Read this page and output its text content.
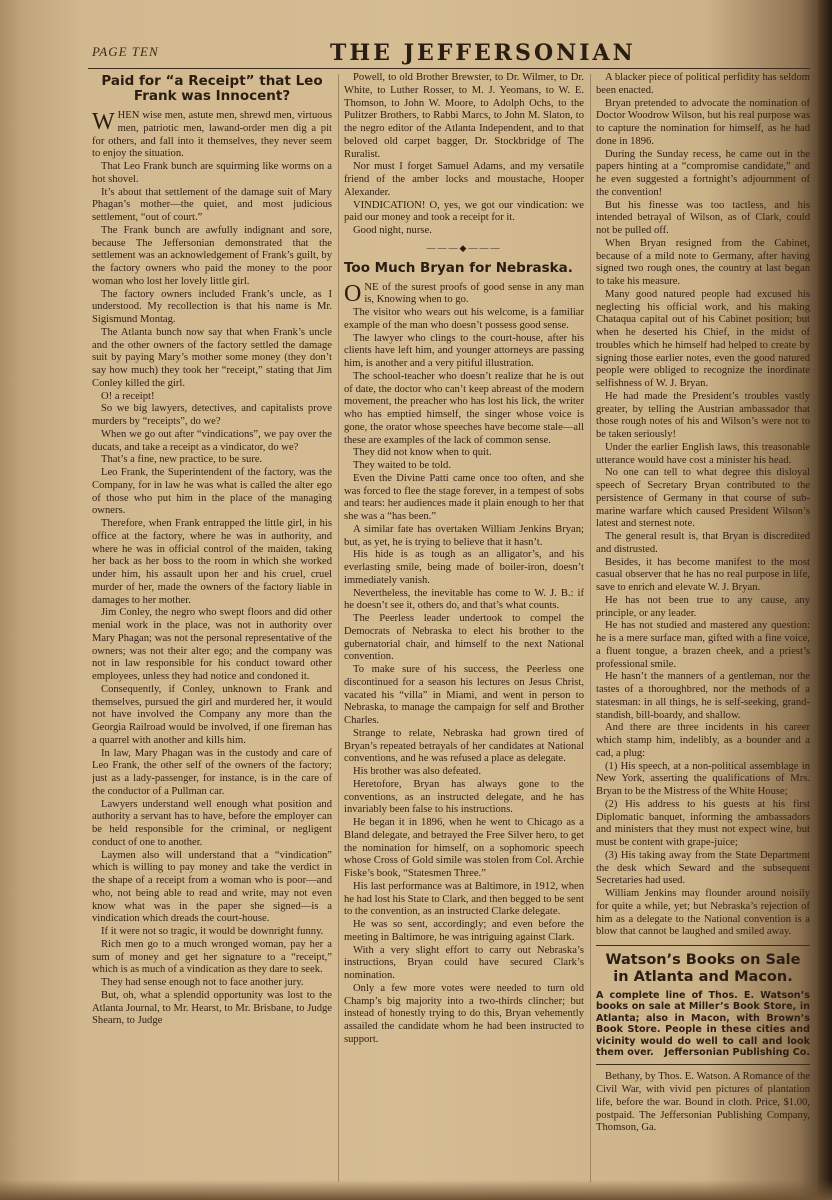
PAGE TEN	THE JEFFERSONIAN
Paid for “a Receipt” that Leo Frank was Innocent?

WHEN wise men, astute men, shrewd men, virtuous men, patriotic men, lawand-order men dig a pit for others, and fall into it themselves, they never seem to enjoy the situation.

That Leo Frank bunch are squirming like worms on a hot shovel.

It’s about that settlement of the damage suit of Mary Phagan’s mother—the quiet, and most judicious settlement, “out of court.”

The Frank bunch are awfully indignant and sore, because The Jeffersonian demonstrated that the settlement was an acknowledgement of Frank’s guilt, by the factory owners who paid the money to the poor woman who lost her lovely little girl.

The factory owners included Frank’s uncle, as I understood. My recollection is that his name is Mr. Sigismund Montag.

The Atlanta bunch now say that when Frank’s uncle and the other owners of the factory settled the damage suit by paying Mary’s mother some money (they don’t say how much) they took her “receipt,” stating that Jim Conley killed the girl.

O! a receipt!

So we big lawyers, detectives, and capitalists prove murders by “receipts”, do we?

When we go out after “vindications”, we pay over the ducats, and take a receipt as a vindicator, do we?

That’s a fine, new practice, to be sure.

Leo Frank, the Superintendent of the factory, was the Company, for in law he was what is called the alter ego of those who put him in the place of the managing owners.

Therefore, when Frank entrapped the little girl, in his office at the factory, where he was in authority, and where he was in official control of the maiden, taking her back as her boss to the room in which she worked under him, his assault upon her and his cruel, cruel murder of her, made the owners of the factory liable in damages to her mother.

Jim Conley, the negro who swept floors and did other menial work in the place, was not in authority over Mary Phagan; was not the personal representative of the owners; was not their alter ego; and the company was not in law responsible for his conduct toward other employees, unless they had notice and condoned it.

Consequently, if Conley, unknown to Frank and themselves, pursued the girl and murdered her, it would not have involved the Company any more than the Georgia Railroad would be involved, if one fireman has a quarrel with another and kills him.

In law, Mary Phagan was in the custody and care of Leo Frank, the other self of the owners of the factory; just as a lady-passenger, for instance, is in the care of the conductor of a Pullman car.

Lawyers understand well enough what position and authority a servant has to have, before the employer can be held responsible for the criminal, or negligent conduct of one to another.

Laymen also will understand that a “vindication” which is willing to pay money and take the verdict in the shape of a receipt from a woman who is poor—and who, not being able to read and write, may not even know what was in the paper she signed—is a vindication which dreads the court-house.

If it were not so tragic, it would be downright funny.

Rich men go to a much wronged woman, pay her a sum of money and get her signature to a “receipt,” which is as much of a vindication as they dare to seek.

They had sense enough not to face another jury.

But, oh, what a splendid opportunity was lost to the Atlanta Journal, to Mr. Hearst, to Mr. Brisbane, to Judge Shearn, to Judge

Powell, to old Brother Brewster, to Dr. Wilmer, to Dr. White, to Luther Rosser, to M. J. Yeomans, to W. E. Thomson, to John W. Moore, to Adolph Ochs, to the Pulitzer Brothers, to Rabbi Marcs, to John M. Slaton, to the negro editor of the Atlanta Independent, and to that beloved old carpet bagger, Dr. Stockbridge of The Ruralist.

Nor must I forget Samuel Adams, and my versatile friend of the amber locks and moustache, Hooper Alexander.

VINDICATION! O, yes, we got our vindication: we paid our money and took a receipt for it.

Good night, nurse.

———◆———
Too Much Bryan for Nebraska.

ONE of the surest proofs of good sense in any man is, Knowing when to go.

The visitor who wears out his welcome, is a familiar example of the man who doesn’t possess good sense.

The lawyer who clings to the court-house, after his clients have left him, and younger attorneys are passing him, is another and a very pitiful illustration.

The school-teacher who doesn’t realize that he is out of date, the doctor who can’t keep abreast of the modern movement, the preacher who has lost his lick, the writer who has emptied himself, the singer whose voice is gone, the orator whose speeches have become stale—all these are examples of the lack of common sense.

They did not know when to quit.

They waited to be told.

Even the Divine Patti came once too often, and she was forced to flee the stage forever, in a tempest of sobs and tears: her audiences made it plain enough to her that she was a “has been.”

A similar fate has overtaken William Jenkins Bryan; but, as yet, he is trying to believe that it hasn’t.

His hide is as tough as an alligator’s, and his everlasting smile, being made of boiler-iron, doesn’t immediately vanish.

Nevertheless, the inevitable has come to W. J. B.: if he doesn’t see it, others do, and that’s what counts.

The Peerless leader undertook to compel the Democrats of Nebraska to elect his brother to the gubernatorial chair, and himself to the next National convention.

To make sure of his success, the Peerless one discontinued for a season his lectures on Jesus Christ, vacated his “villa” in Miami, and went in person to Nebraska, to manage the campaign for self and Brother Charles.

Strange to relate, Nebraska had grown tired of Bryan’s repeated betrayals of her candidates at National conventions, and he was refused a place as delegate.

His brother was also defeated.

Heretofore, Bryan has always gone to the conventions, as an instructed delegate, and he has invariably been false to his instructions.

He began it in 1896, when he went to Chicago as a Bland delegate, and betrayed the Free Silver hero, to get the nomination for himself, on a sophomoric speech whose Cross of Gold simile was stolen from Col. Archie Fiske’s book, “Statesmen Three.”

His last performance was at Baltimore, in 1912, when he had lost his State to Clark, and then begged to be sent to the convention, as an instructed Clarke delegate.

He was so sent, accordingly; and even before the meeting in Baltimore, he was intriguing against Clark.

With a very slight effort to carry out Nebraska’s instructions, Bryan could have secured Clark’s nomination.

Only a few more votes were needed to turn old Champ’s big majority into a two-thirds clincher; but instead of honestly trying to do this, Bryan vehemently assailed the candidate whom he had been instructed to support.

A blacker piece of political perfidity has seldom been enacted.

Bryan pretended to advocate the nomination of Doctor Woodrow Wilson, but his real purpose was to capture the nomination for himself, as he had done in 1896.

During the Sunday recess, he came out in the papers hinting at a “compromise candidate,” and he even suggested a fortnight’s adjournment of the convention!

But his finesse was too tactless, and his intended betrayal of Wilson, as of Clark, could not be pulled off.

When Bryan resigned from the Cabinet, because of a mild note to Germany, after having signed two rough ones, the country at last began to take his measure.

Many good natured people had excused his neglecting his official work, and his making Chataqua capital out of his Cabinet position; but when he deserted his Chief, in the midst of troubles which he himself had helped to create by signing those earlier notes, even the good natured people were obliged to recognize the inordinate selfishness of W. J. Bryan.

He had made the President’s troubles vastly greater, by telling the Austrian ambassador that those rough notes of his and Wilson’s were not to be taken seriously!

Under the earlier English laws, this treasonable utterance would have cost a minister his head.

No one can tell to what degree this disloyal speech of Secretary Bryan contributed to the persistence of Germany in that course of sub-marine warfare which caused President Wilson’s latest and sternest note.

The general result is, that Bryan is discredited and distrusted.

Besides, it has become manifest to the most casual observer that he has no real purpose in life, save to enrich and elevate W. J. Bryan.

He has not been true to any cause, any principle, or any leader.

He has not studied and mastered any question: he is a mere surface man, gifted with a fine voice, a fluent tongue, a brazen cheek, and a priest’s professional smile.

He hasn’t the manners of a gentleman, nor the tastes of a thoroughbred, nor the methods of a statesman: in all things, he is self-seeking, grand-standish, bill-boardy, and shallow.

And there are three incidents in his career which stamp him, indelibly, as a bounder and a cad, a plug:

(1) His speech, at a non-political assemblage in New York, asserting the qualifications of Mrs. Bryan to be the Mistress of the White House;

(2) His address to his guests at his first Diplomatic banquet, informing the ambassadors and ministers that they must not expect wine, but must be content with grape-juice;

(3) His taking away from the State Department the desk which Seward and the subsequent Secretaries had used.

William Jenkins may flounder around noisily for quite a while, yet; but Nebraska’s rejection of him as a delegate to the National convention is a blow that cannot be laughed and smiled away.

Watson’s Books on Sale in Atlanta and Macon.
A complete line of Thos. E. Watson’s books on sale at Miller’s Book Store, in Atlanta; also in Macon, with Brown’s Book Store. People in these cities and vicinity would do well to call and look them over. Jeffersonian Publishing Co.

Bethany, by Thos. E. Watson. A Romance of the Civil War, with vivid pen pictures of plantation life, before the war. Bound in cloth. Price, $1.00, postpaid. The Jeffersonian Publishing Company, Thomson, Ga.
